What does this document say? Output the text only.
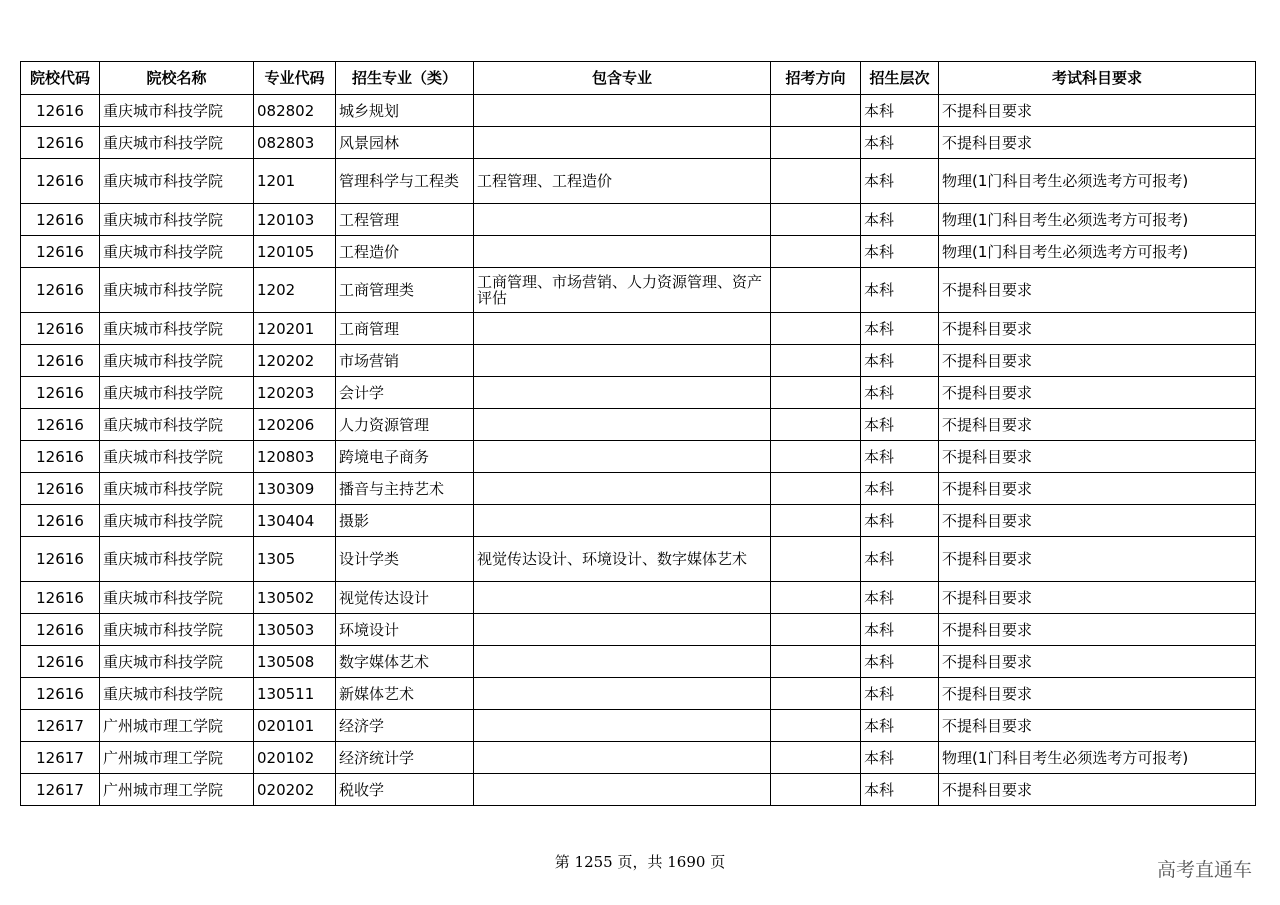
院校代码	院校名称	专业代码	招生专业（类）	包含专业	招考方向	招生层次	考试科目要求
12616	重庆城市科技学院	082802	城乡规划			本科	不提科目要求
12616	重庆城市科技学院	082803	风景园林			本科	不提科目要求
12616	重庆城市科技学院	1201	管理科学与工程类	工程管理、工程造价		本科	物理(1门科目考生必须选考方可报考)
12616	重庆城市科技学院	120103	工程管理			本科	物理(1门科目考生必须选考方可报考)
12616	重庆城市科技学院	120105	工程造价			本科	物理(1门科目考生必须选考方可报考)
12616	重庆城市科技学院	1202	工商管理类	工商管理、市场营销、人力资源管理、资产评估		本科	不提科目要求
12616	重庆城市科技学院	120201	工商管理			本科	不提科目要求
12616	重庆城市科技学院	120202	市场营销			本科	不提科目要求
12616	重庆城市科技学院	120203	会计学			本科	不提科目要求
12616	重庆城市科技学院	120206	人力资源管理			本科	不提科目要求
12616	重庆城市科技学院	120803	跨境电子商务			本科	不提科目要求
12616	重庆城市科技学院	130309	播音与主持艺术			本科	不提科目要求
12616	重庆城市科技学院	130404	摄影			本科	不提科目要求
12616	重庆城市科技学院	1305	设计学类	视觉传达设计、环境设计、数字媒体艺术		本科	不提科目要求
12616	重庆城市科技学院	130502	视觉传达设计			本科	不提科目要求
12616	重庆城市科技学院	130503	环境设计			本科	不提科目要求
12616	重庆城市科技学院	130508	数字媒体艺术			本科	不提科目要求
12616	重庆城市科技学院	130511	新媒体艺术			本科	不提科目要求
12617	广州城市理工学院	020101	经济学			本科	不提科目要求
12617	广州城市理工学院	020102	经济统计学			本科	物理(1门科目考生必须选考方可报考)
12617	广州城市理工学院	020202	税收学			本科	不提科目要求
第 1255 页，共 1690 页	高考直通车
